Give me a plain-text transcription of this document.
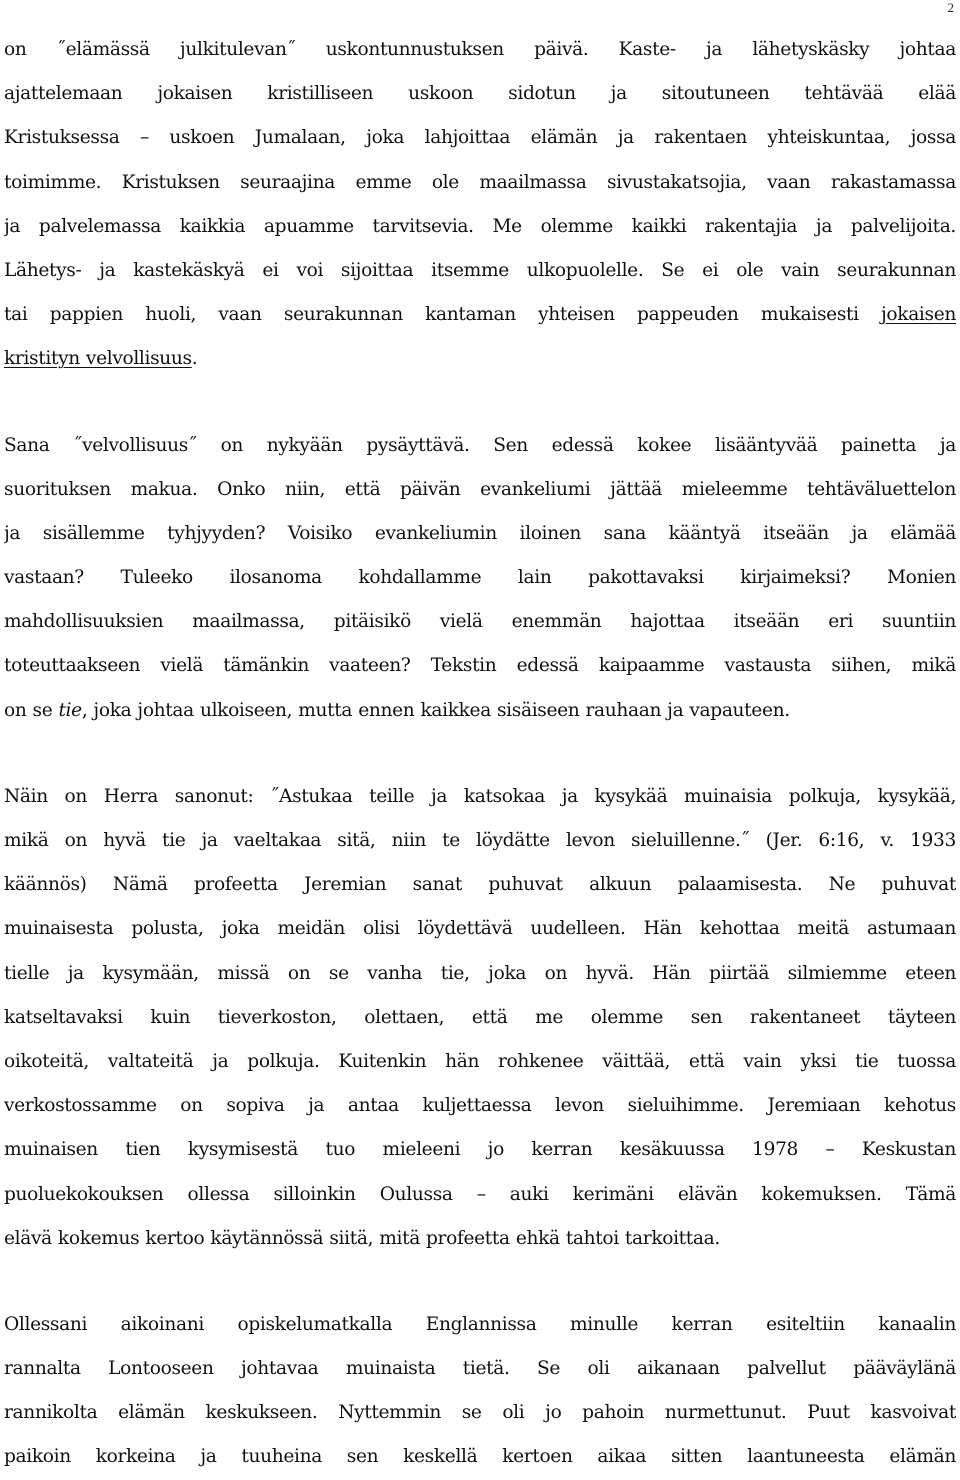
2
on ˝elämässä julkitulevan˝ uskontunnustuksen päivä. Kaste- ja lähetyskäsky johtaa
ajattelemaan jokaisen kristilliseen uskoon sidotun ja sitoutuneen tehtävää elää
Kristuksessa – uskoen Jumalaan, joka lahjoittaa elämän ja rakentaen yhteiskuntaa, jossa
toimimme. Kristuksen seuraajina emme ole maailmassa sivustakatsojia, vaan rakastamassa
ja palvelemassa kaikkia apuamme tarvitsevia. Me olemme kaikki rakentajia ja palvelijoita.
Lähetys- ja kastekäskyä ei voi sijoittaa itsemme ulkopuolelle. Se ei ole vain seurakunnan
tai pappien huoli, vaan seurakunnan kantaman yhteisen pappeuden mukaisesti jokaisen
kristityn velvollisuus.
Sana ˝velvollisuus˝ on nykyään pysäyttävä. Sen edessä kokee lisääntyvää painetta ja
suorituksen makua. Onko niin, että päivän evankeliumi jättää mieleemme tehtäväluettelon
ja sisällemme tyhjyyden? Voisiko evankeliumin iloinen sana kääntyä itseään ja elämää
vastaan? Tuleeko ilosanoma kohdallamme lain pakottavaksi kirjaimeksi? Monien
mahdollisuuksien maailmassa, pitäisikö vielä enemmän hajottaa itseään eri suuntiin
toteuttaakseen vielä tämänkin vaateen? Tekstin edessä kaipaamme vastausta siihen, mikä
on se tie, joka johtaa ulkoiseen, mutta ennen kaikkea sisäiseen rauhaan ja vapauteen.
Näin on Herra sanonut: ˝Astukaa teille ja katsokaa ja kysykää muinaisia polkuja, kysykää,
mikä on hyvä tie ja vaeltakaa sitä, niin te löydätte levon sieluillenne.˝ (Jer. 6:16, v. 1933
käännös) Nämä profeetta Jeremian sanat puhuvat alkuun palaamisesta. Ne puhuvat
muinaisesta polusta, joka meidän olisi löydettävä uudelleen. Hän kehottaa meitä astumaan
tielle ja kysymään, missä on se vanha tie, joka on hyvä. Hän piirtää silmiemme eteen
katseltavaksi kuin tieverkoston, olettaen, että me olemme sen rakentaneet täyteen
oikoteitä, valtateitä ja polkuja. Kuitenkin hän rohkenee väittää, että vain yksi tie tuossa
verkostossamme on sopiva ja antaa kuljettaessa levon sieluihimme. Jeremiaan kehotus
muinaisen tien kysymisestä tuo mieleeni jo kerran kesäkuussa 1978 – Keskustan
puoluekokouksen ollessa silloinkin Oulussa – auki kerimäni elävän kokemuksen. Tämä
elävä kokemus kertoo käytännössä siitä, mitä profeetta ehkä tahtoi tarkoittaa.
Ollessani aikoinani opiskelumatkalla Englannissa minulle kerran esiteltiin kanaalin
rannalta Lontooseen johtavaa muinaista tietä. Se oli aikanaan palvellut pääväylänä
rannikolta elämän keskukseen. Nyttemmin se oli jo pahoin nurmettunut. Puut kasvoivat
paikoin korkeina ja tuuheina sen keskellä kertoen aikaa sitten laantuneesta elämän
